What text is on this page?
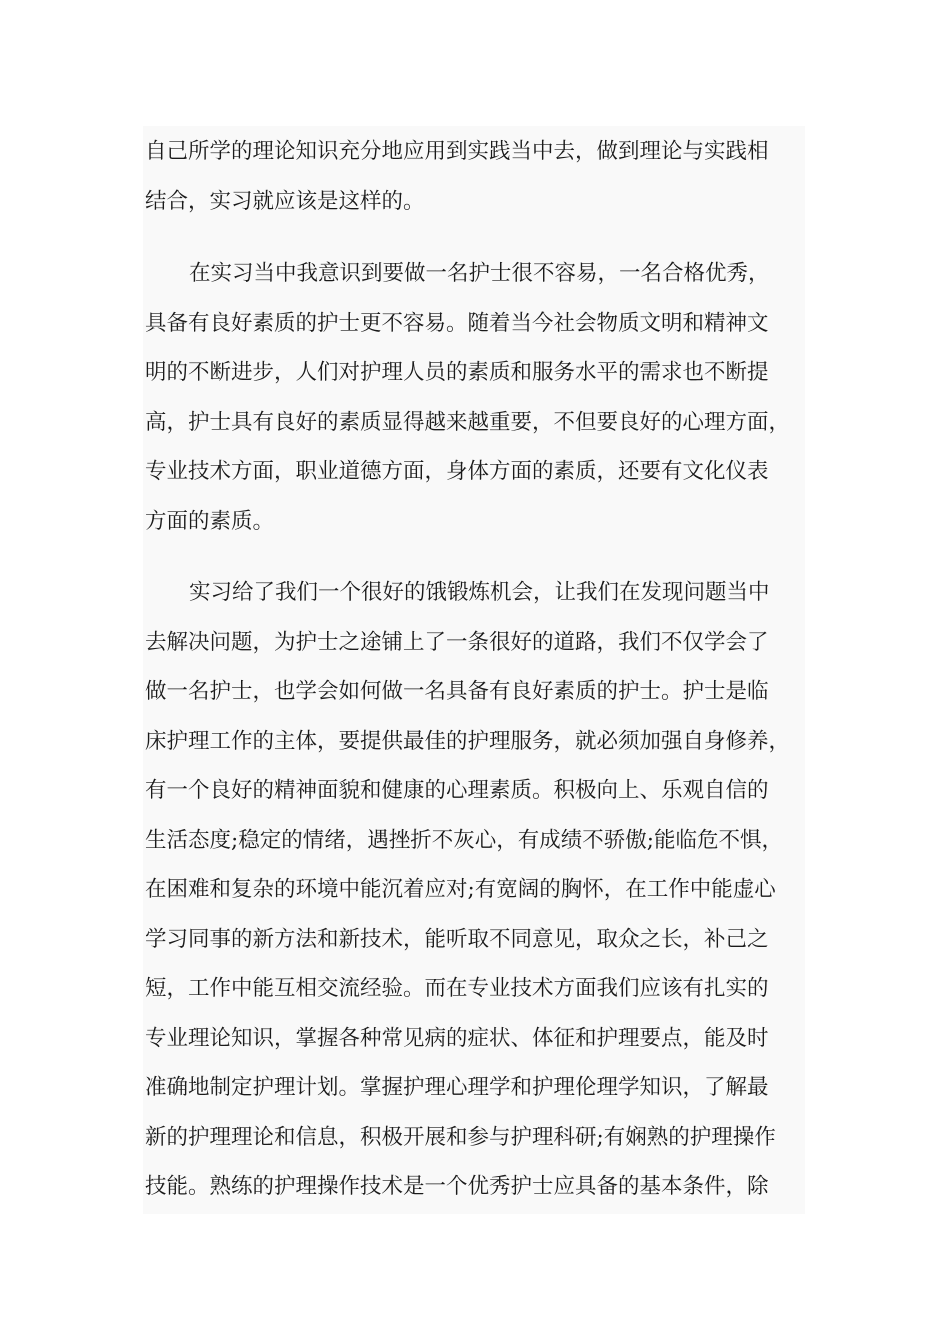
自己所学的理论知识充分地应用到实践当中去，做到理论与实践相
结合，实习就应该是这样的。
在实习当中我意识到要做一名护士很不容易，一名合格优秀，
具备有良好素质的护士更不容易。随着当今社会物质文明和精神文
明的不断进步，人们对护理人员的素质和服务水平的需求也不断提
高，护士具有良好的素质显得越来越重要，不但要良好的心理方面，
专业技术方面，职业道德方面，身体方面的素质，还要有文化仪表
方面的素质。
实习给了我们一个很好的饿锻炼机会，让我们在发现问题当中
去解决问题，为护士之途铺上了一条很好的道路，我们不仅学会了
做一名护士，也学会如何做一名具备有良好素质的护士。护士是临
床护理工作的主体，要提供最佳的护理服务，就必须加强自身修养，
有一个良好的精神面貌和健康的心理素质。积极向上、乐观自信的
生活态度;稳定的情绪，遇挫折不灰心，有成绩不骄傲;能临危不惧，
在困难和复杂的环境中能沉着应对;有宽阔的胸怀，在工作中能虚心
学习同事的新方法和新技术，能听取不同意见，取众之长，补己之
短，工作中能互相交流经验。而在专业技术方面我们应该有扎实的
专业理论知识，掌握各种常见病的症状、体征和护理要点，能及时
准确地制定护理计划。掌握护理心理学和护理伦理学知识，了解最
新的护理理论和信息，积极开展和参与护理科研;有娴熟的护理操作
技能。熟练的护理操作技术是一个优秀护士应具备的基本条件，除
